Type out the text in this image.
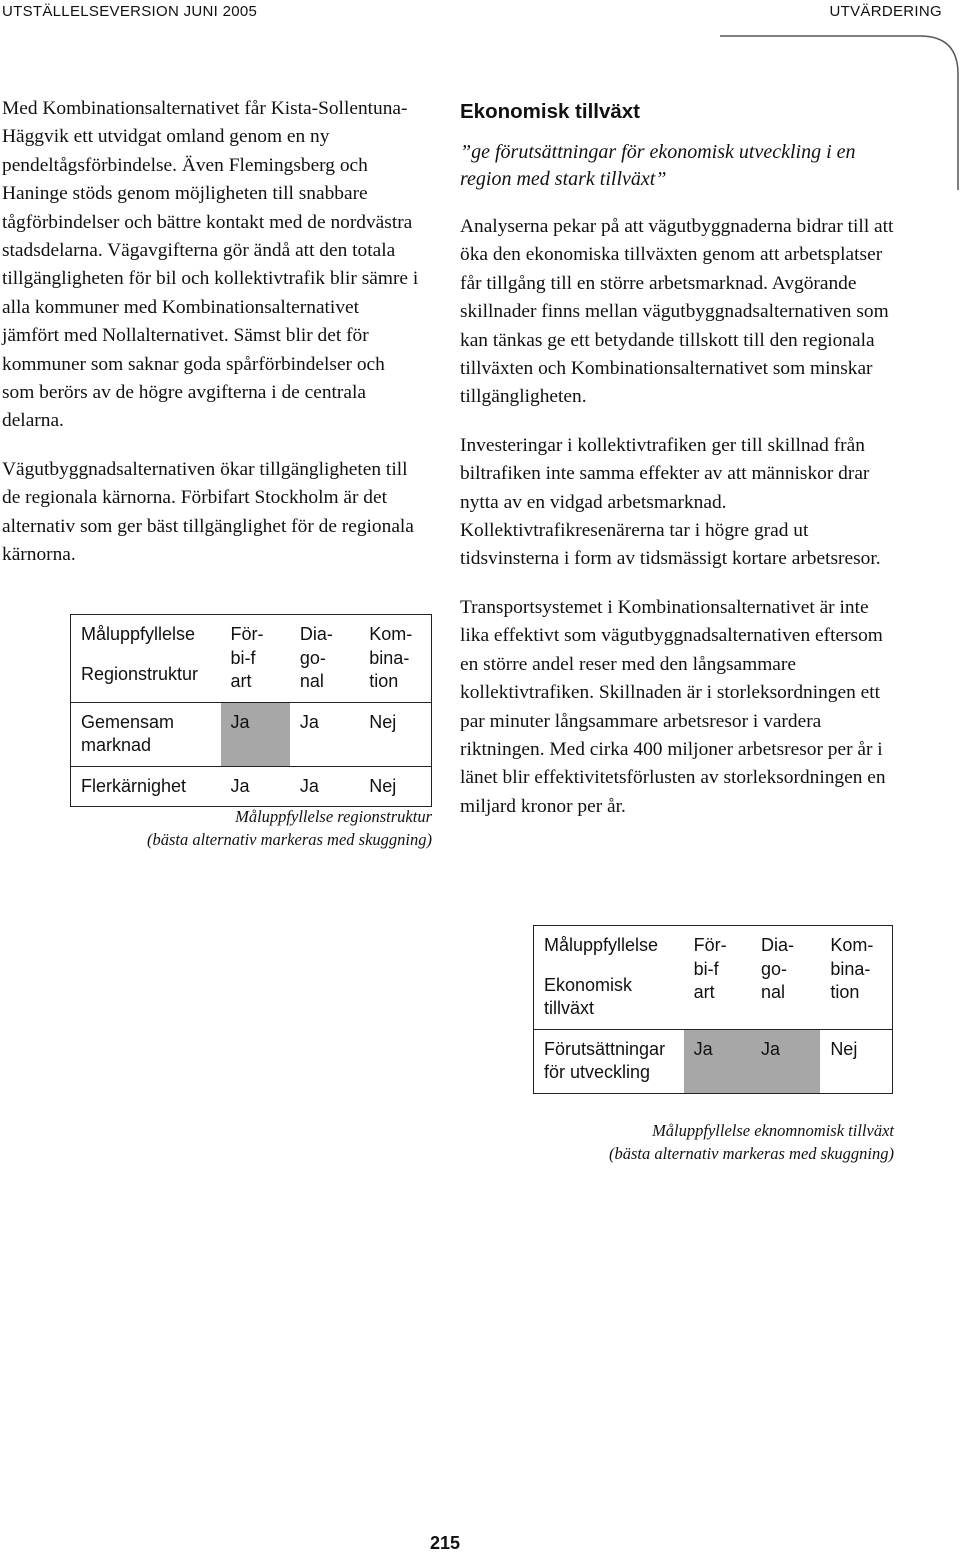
UTSTÄLLELSEVERSION JUNI 2005	UTVÄRDERING

Med Kombinationsalternativet får Kista-Sollentuna-Häggvik ett utvidgat omland genom en ny pendeltågsförbindelse. Även Flemingsberg och Haninge stöds genom möjligheten till snabbare tågförbindelser och bättre kontakt med de nordvästra stadsdelarna. Vägavgifterna gör ändå att den totala tillgängligheten för bil och kollektivtrafik blir sämre i alla kommuner med Kombinationsalternativet jämfört med Nollalternativet. Sämst blir det för kommuner som saknar goda spårförbindelser och som berörs av de högre avgifterna i de centrala delarna.

Vägutbyggnadsalternativen ökar tillgängligheten till de regionala kärnorna. Förbifart Stockholm är det alternativ som ger bäst tillgänglighet för de regionala kärnorna.

Måluppfyllelse
Regionstruktur	För-bi-fart	Dia-go-nal	Kom-bina-tion

Gemensam marknad	Ja	Ja	Nej
Flerkärnighet	Ja	Ja	Nej
Måluppfyllelse regionstruktur
(bästa alternativ markeras med skuggning)
Ekonomisk tillväxt

”ge förutsättningar för ekonomisk utveckling i en region med stark tillväxt”

Analyserna pekar på att vägutbyggnaderna bidrar till att öka den ekonomiska tillväxten genom att arbetsplatser får tillgång till en större arbetsmarknad. Avgörande skillnader finns mellan vägutbyggnadsalternativen som kan tänkas ge ett betydande tillskott till den regionala tillväxten och Kombinationsalternativet som minskar tillgängligheten.

Investeringar i kollektivtrafiken ger till skillnad från biltrafiken inte samma effekter av att människor drar nytta av en vidgad arbetsmarknad. Kollektivtrafikresenärerna tar i högre grad ut tidsvinsterna i form av tidsmässigt kortare arbetsresor.

Transportsystemet i Kombinationsalternativet är inte lika effektivt som vägutbyggnadsalternativen eftersom en större andel reser med den långsammare kollektivtrafiken. Skillnaden är i storleksordningen ett par minuter långsammare arbetsresor i vardera riktningen. Med cirka 400 miljoner arbetsresor per år i länet blir effektivitetsförlusten av storleksordningen en miljard kronor per år.

Måluppfyllelse
Ekonomisk tillväxt	För-bi-fart	Dia-go-nal	Kom-bina-tion

Förutsättningar för utveckling	Ja	Ja	Nej
Måluppfyllelse eknomnomisk tillväxt
(bästa alternativ markeras med skuggning)
215
